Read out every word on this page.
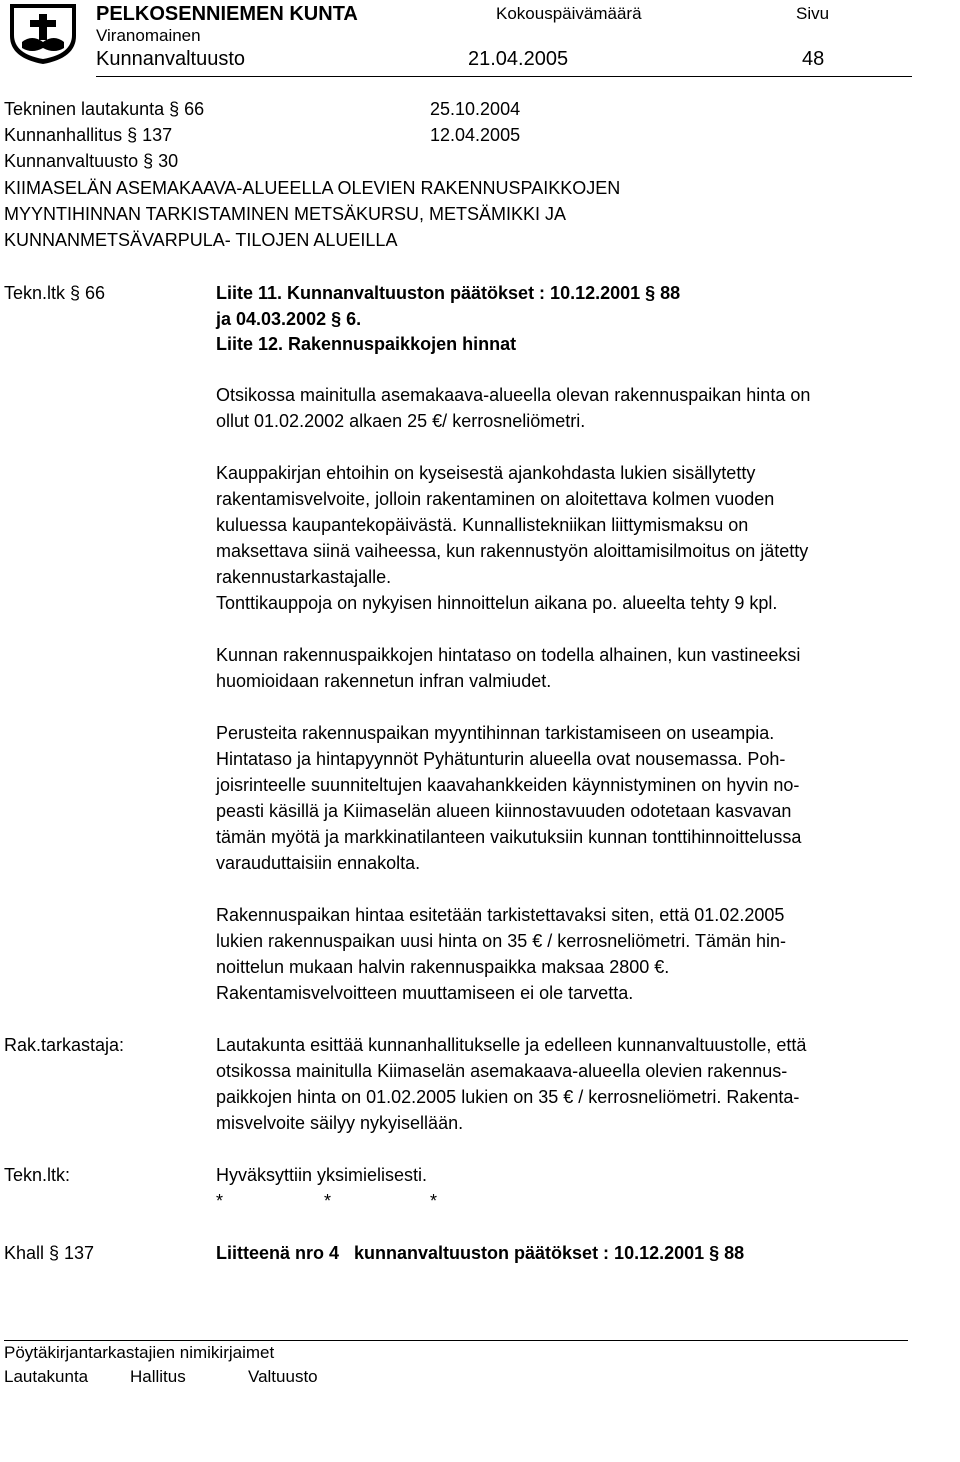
PELKOSENNIEMEN KUNTA
Viranomainen
Kunnanvaltuusto
Kokouspäivämäärä
21.04.2005
Sivu
48
Tekninen lautakunta § 66	25.10.2004
Kunnanhallitus § 137	12.04.2005
Kunnanvaltuusto § 30
KIIMASELÄN ASEMAKAAVA-ALUEELLA OLEVIEN RAKENNUSPAIKKOJEN
MYYNTIHINNAN TARKISTAMINEN METSÄKURSU, METSÄMIKKI JA
KUNNANMETSÄVARPULA- TILOJEN ALUEILLA
Tekn.ltk § 66	Liite 11. Kunnanvaltuuston päätökset : 10.12.2001 § 88
ja 04.03.2002 § 6.
Liite 12. Rakennuspaikkojen hinnat
Otsikossa mainitulla asemakaava-alueella olevan rakennuspaikan hinta on
ollut 01.02.2002 alkaen 25 €/ kerrosneliömetri.
Kauppakirjan ehtoihin on kyseisestä ajankohdasta lukien sisällytetty
rakentamisvelvoite, jolloin rakentaminen on aloitettava kolmen vuoden
kuluessa kaupantekopäivästä. Kunnallistekniikan liittymismaksu on
maksettava siinä vaiheessa, kun rakennustyön aloittamisilmoitus on jätetty
rakennustarkastajalle.
Tonttikauppoja on nykyisen hinnoittelun aikana po. alueelta tehty 9 kpl.
Kunnan rakennuspaikkojen hintataso on todella alhainen, kun vastineeksi
huomioidaan rakennetun infran valmiudet.
Perusteita rakennuspaikan myyntihinnan tarkistamiseen on useampia.
Hintataso ja hintapyynnöt Pyhätunturin alueella ovat nousemassa. Poh-
joisrinteelle suunniteltujen kaavahankkeiden käynnistyminen on hyvin no-
peasti käsillä ja Kiimaselän alueen kiinnostavuuden odotetaan kasvavan
tämän myötä ja markkinatilanteen vaikutuksiin kunnan tonttihinnoittelussa
varauduttaisiin ennakolta.
Rakennuspaikan hintaa esitetään tarkistettavaksi siten, että 01.02.2005
lukien rakennuspaikan uusi hinta on 35 € / kerrosneliömetri. Tämän hin-
noittelun mukaan halvin rakennuspaikka maksaa 2800 €.
Rakentamisvelvoitteen muuttamiseen ei ole tarvetta.
Rak.tarkastaja:	Lautakunta esittää kunnanhallitukselle ja edelleen kunnanvaltuustolle, että
otsikossa mainitulla Kiimaselän asemakaava-alueella olevien rakennus-
paikkojen hinta on 01.02.2005 lukien on 35 € / kerrosneliömetri. Rakenta-
misvelvoite säilyy nykyisellään.
Tekn.ltk:	Hyväksyttiin yksimielisesti.
*	*	*
Khall § 137	Liitteenä nro 4   kunnanvaltuuston päätökset : 10.12.2001 § 88
Pöytäkirjantarkastajien nimikirjaimet
Lautakunta Hallitus	Valtuusto
